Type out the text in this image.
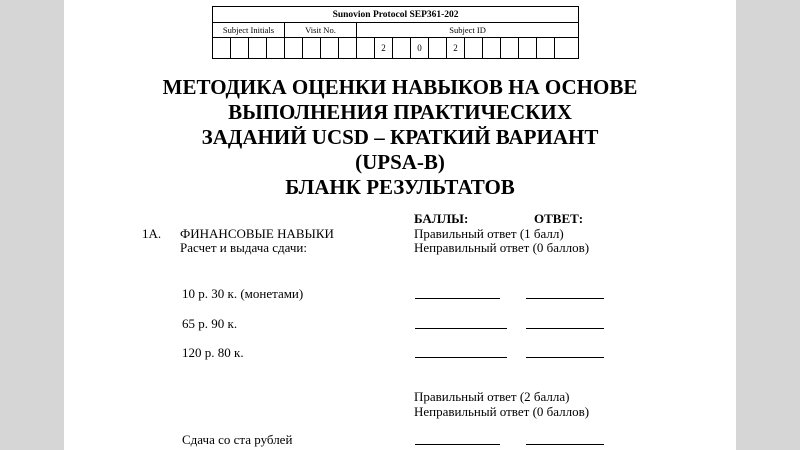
Sunovion Protocol SEP361-202																			
Subject Initials				Visit No.				Subject ID											
									2		0		2						
МЕТОДИКА ОЦЕНКИ НАВЫКОВ НА ОСНОВЕ
ВЫПОЛНЕНИЯ ПРАКТИЧЕСКИХ
ЗАДАНИЙ UCSD – КРАТКИЙ ВАРИАНТ
(UPSA-B)
БЛАНК РЕЗУЛЬТАТОВ
БАЛЛЫ:	ОТВЕТ:
1A. ФИНАНСОВЫЕ НАВЫКИ
Расчет и выдача сдачи:
Правильный ответ (1 балл)
Неправильный ответ (0 баллов)
10 р. 30 к. (монетами)
65 р. 90 к.
120 р. 80 к.
Правильный ответ (2 балла)
Неправильный ответ (0 баллов)
Сдача со ста рублей
